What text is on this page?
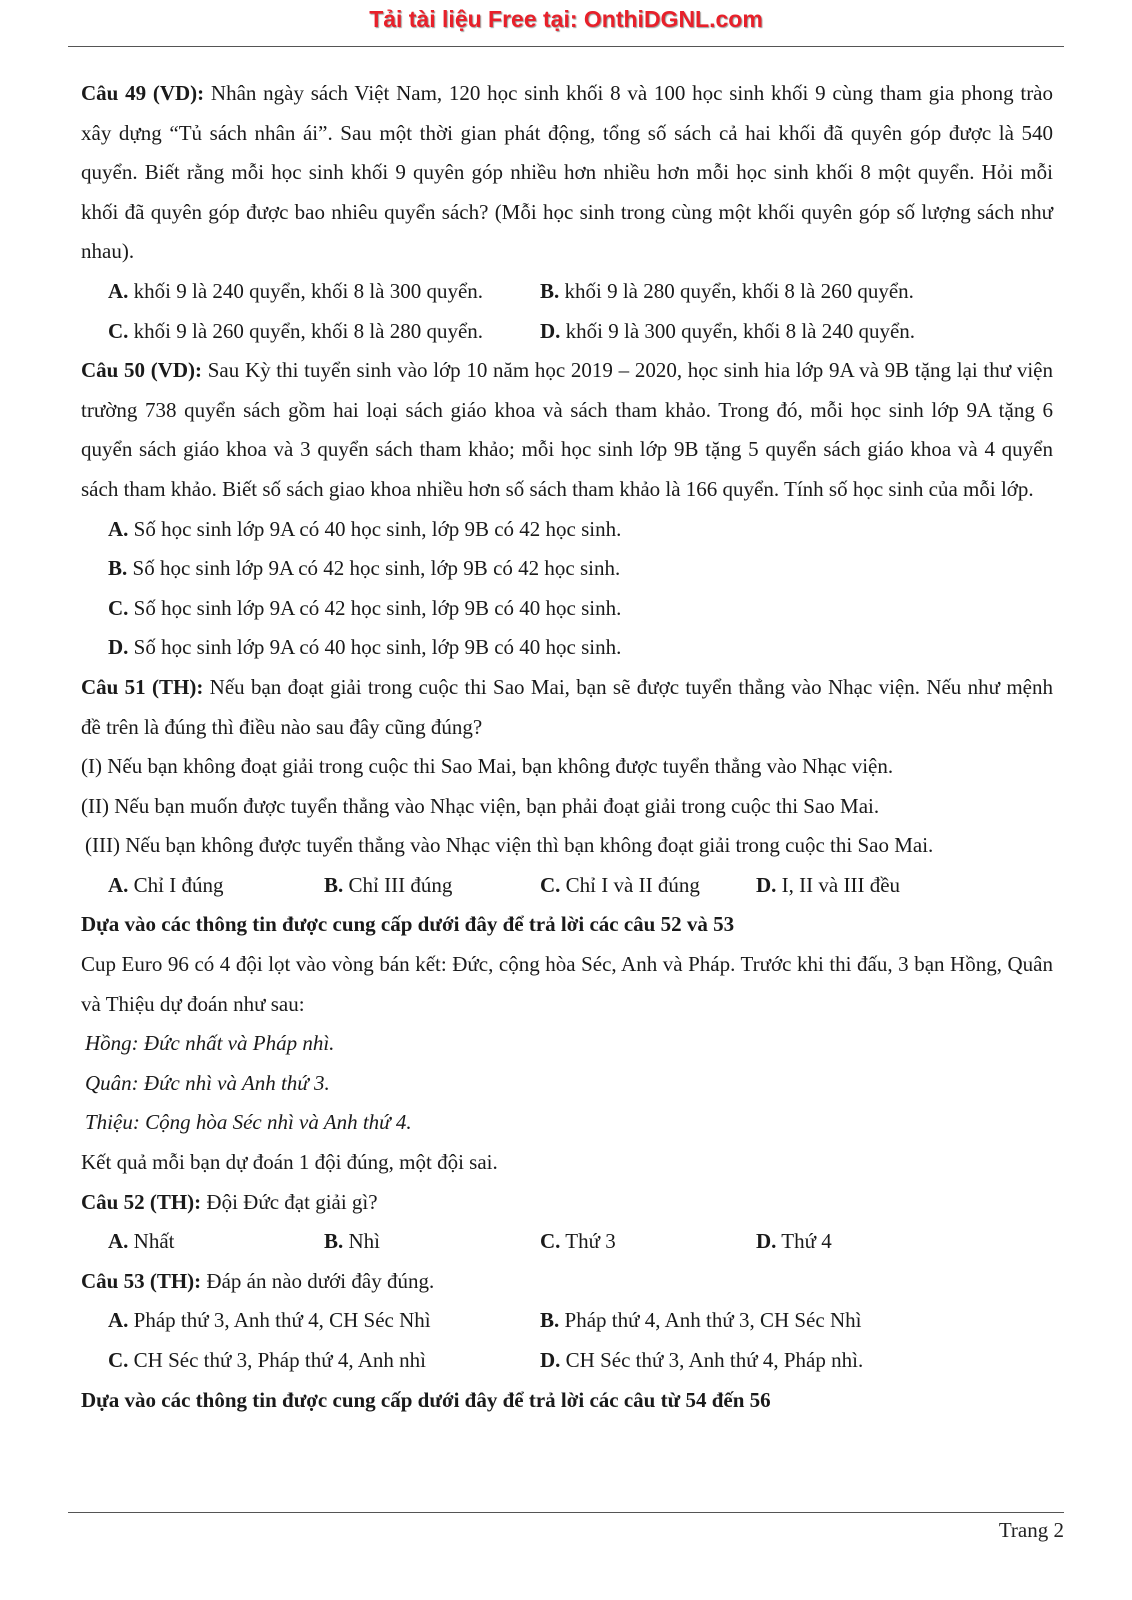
Tải tài liệu Free tại: OnthiDGNL.com

Câu 49 (VD): Nhân ngày sách Việt Nam, 120 học sinh khối 8 và 100 học sinh khối 9 cùng tham gia phong trào xây dựng “Tủ sách nhân ái”. Sau một thời gian phát động, tổng số sách cả hai khối đã quyên góp được là 540 quyển. Biết rằng mỗi học sinh khối 9 quyên góp nhiều hơn nhiều hơn mỗi học sinh khối 8 một quyển. Hỏi mỗi khối đã quyên góp được bao nhiêu quyển sách? (Mỗi học sinh trong cùng một khối quyên góp số lượng sách như nhau).

A. khối 9 là 240 quyển, khối 8 là 300 quyển.	B. khối 9 là 280 quyển, khối 8 là 260 quyển.
C. khối 9 là 260 quyển, khối 8 là 280 quyển.	D. khối 9 là 300 quyển, khối 8 là 240 quyển.

Câu 50 (VD): Sau Kỳ thi tuyển sinh vào lớp 10 năm học 2019 – 2020, học sinh hia lớp 9A và 9B tặng lại thư viện trường 738 quyển sách gồm hai loại sách giáo khoa và sách tham khảo. Trong đó, mỗi học sinh lớp 9A tặng 6 quyển sách giáo khoa và 3 quyển sách tham khảo; mỗi học sinh lớp 9B tặng 5 quyển sách giáo khoa và 4 quyển sách tham khảo. Biết số sách giao khoa nhiều hơn số sách tham khảo là 166 quyển. Tính số học sinh của mỗi lớp.

A. Số học sinh lớp 9A có 40 học sinh, lớp 9B có 42 học sinh.

B. Số học sinh lớp 9A có 42 học sinh, lớp 9B có 42 học sinh.

C. Số học sinh lớp 9A có 42 học sinh, lớp 9B có 40 học sinh.

D. Số học sinh lớp 9A có 40 học sinh, lớp 9B có 40 học sinh.

Câu 51 (TH): Nếu bạn đoạt giải trong cuộc thi Sao Mai, bạn sẽ được tuyển thẳng vào Nhạc viện. Nếu như mệnh đề trên là đúng thì điều nào sau đây cũng đúng?

(I) Nếu bạn không đoạt giải trong cuộc thi Sao Mai, bạn không được tuyển thẳng vào Nhạc viện.

(II) Nếu bạn muốn được tuyển thẳng vào Nhạc viện, bạn phải đoạt giải trong cuộc thi Sao Mai.

(III) Nếu bạn không được tuyển thẳng vào Nhạc viện thì bạn không đoạt giải trong cuộc thi Sao Mai.

A. Chỉ I đúng	B. Chỉ III đúng	C. Chỉ I và II đúng	D. I, II và III đều

Dựa vào các thông tin được cung cấp dưới đây để trả lời các câu 52 và 53

Cup Euro 96 có 4 đội lọt vào vòng bán kết: Đức, cộng hòa Séc, Anh và Pháp. Trước khi thi đấu, 3 bạn Hồng, Quân và Thiệu dự đoán như sau:

Hồng: Đức nhất và Pháp nhì.

Quân: Đức nhì và Anh thứ 3.

Thiệu: Cộng hòa Séc nhì và Anh thứ 4.

Kết quả mỗi bạn dự đoán 1 đội đúng, một đội sai.

Câu 52 (TH): Đội Đức đạt giải gì?

A. Nhất	B. Nhì	C. Thứ 3	D. Thứ 4

Câu 53 (TH): Đáp án nào dưới đây đúng.

A. Pháp thứ 3, Anh thứ 4, CH Séc Nhì	B. Pháp thứ 4, Anh thứ 3, CH Séc Nhì
C. CH Séc thứ 3, Pháp thứ 4, Anh nhì	D. CH Séc thứ 3, Anh thứ 4, Pháp nhì.

Dựa vào các thông tin được cung cấp dưới đây để trả lời các câu từ 54 đến 56

Trang 2
